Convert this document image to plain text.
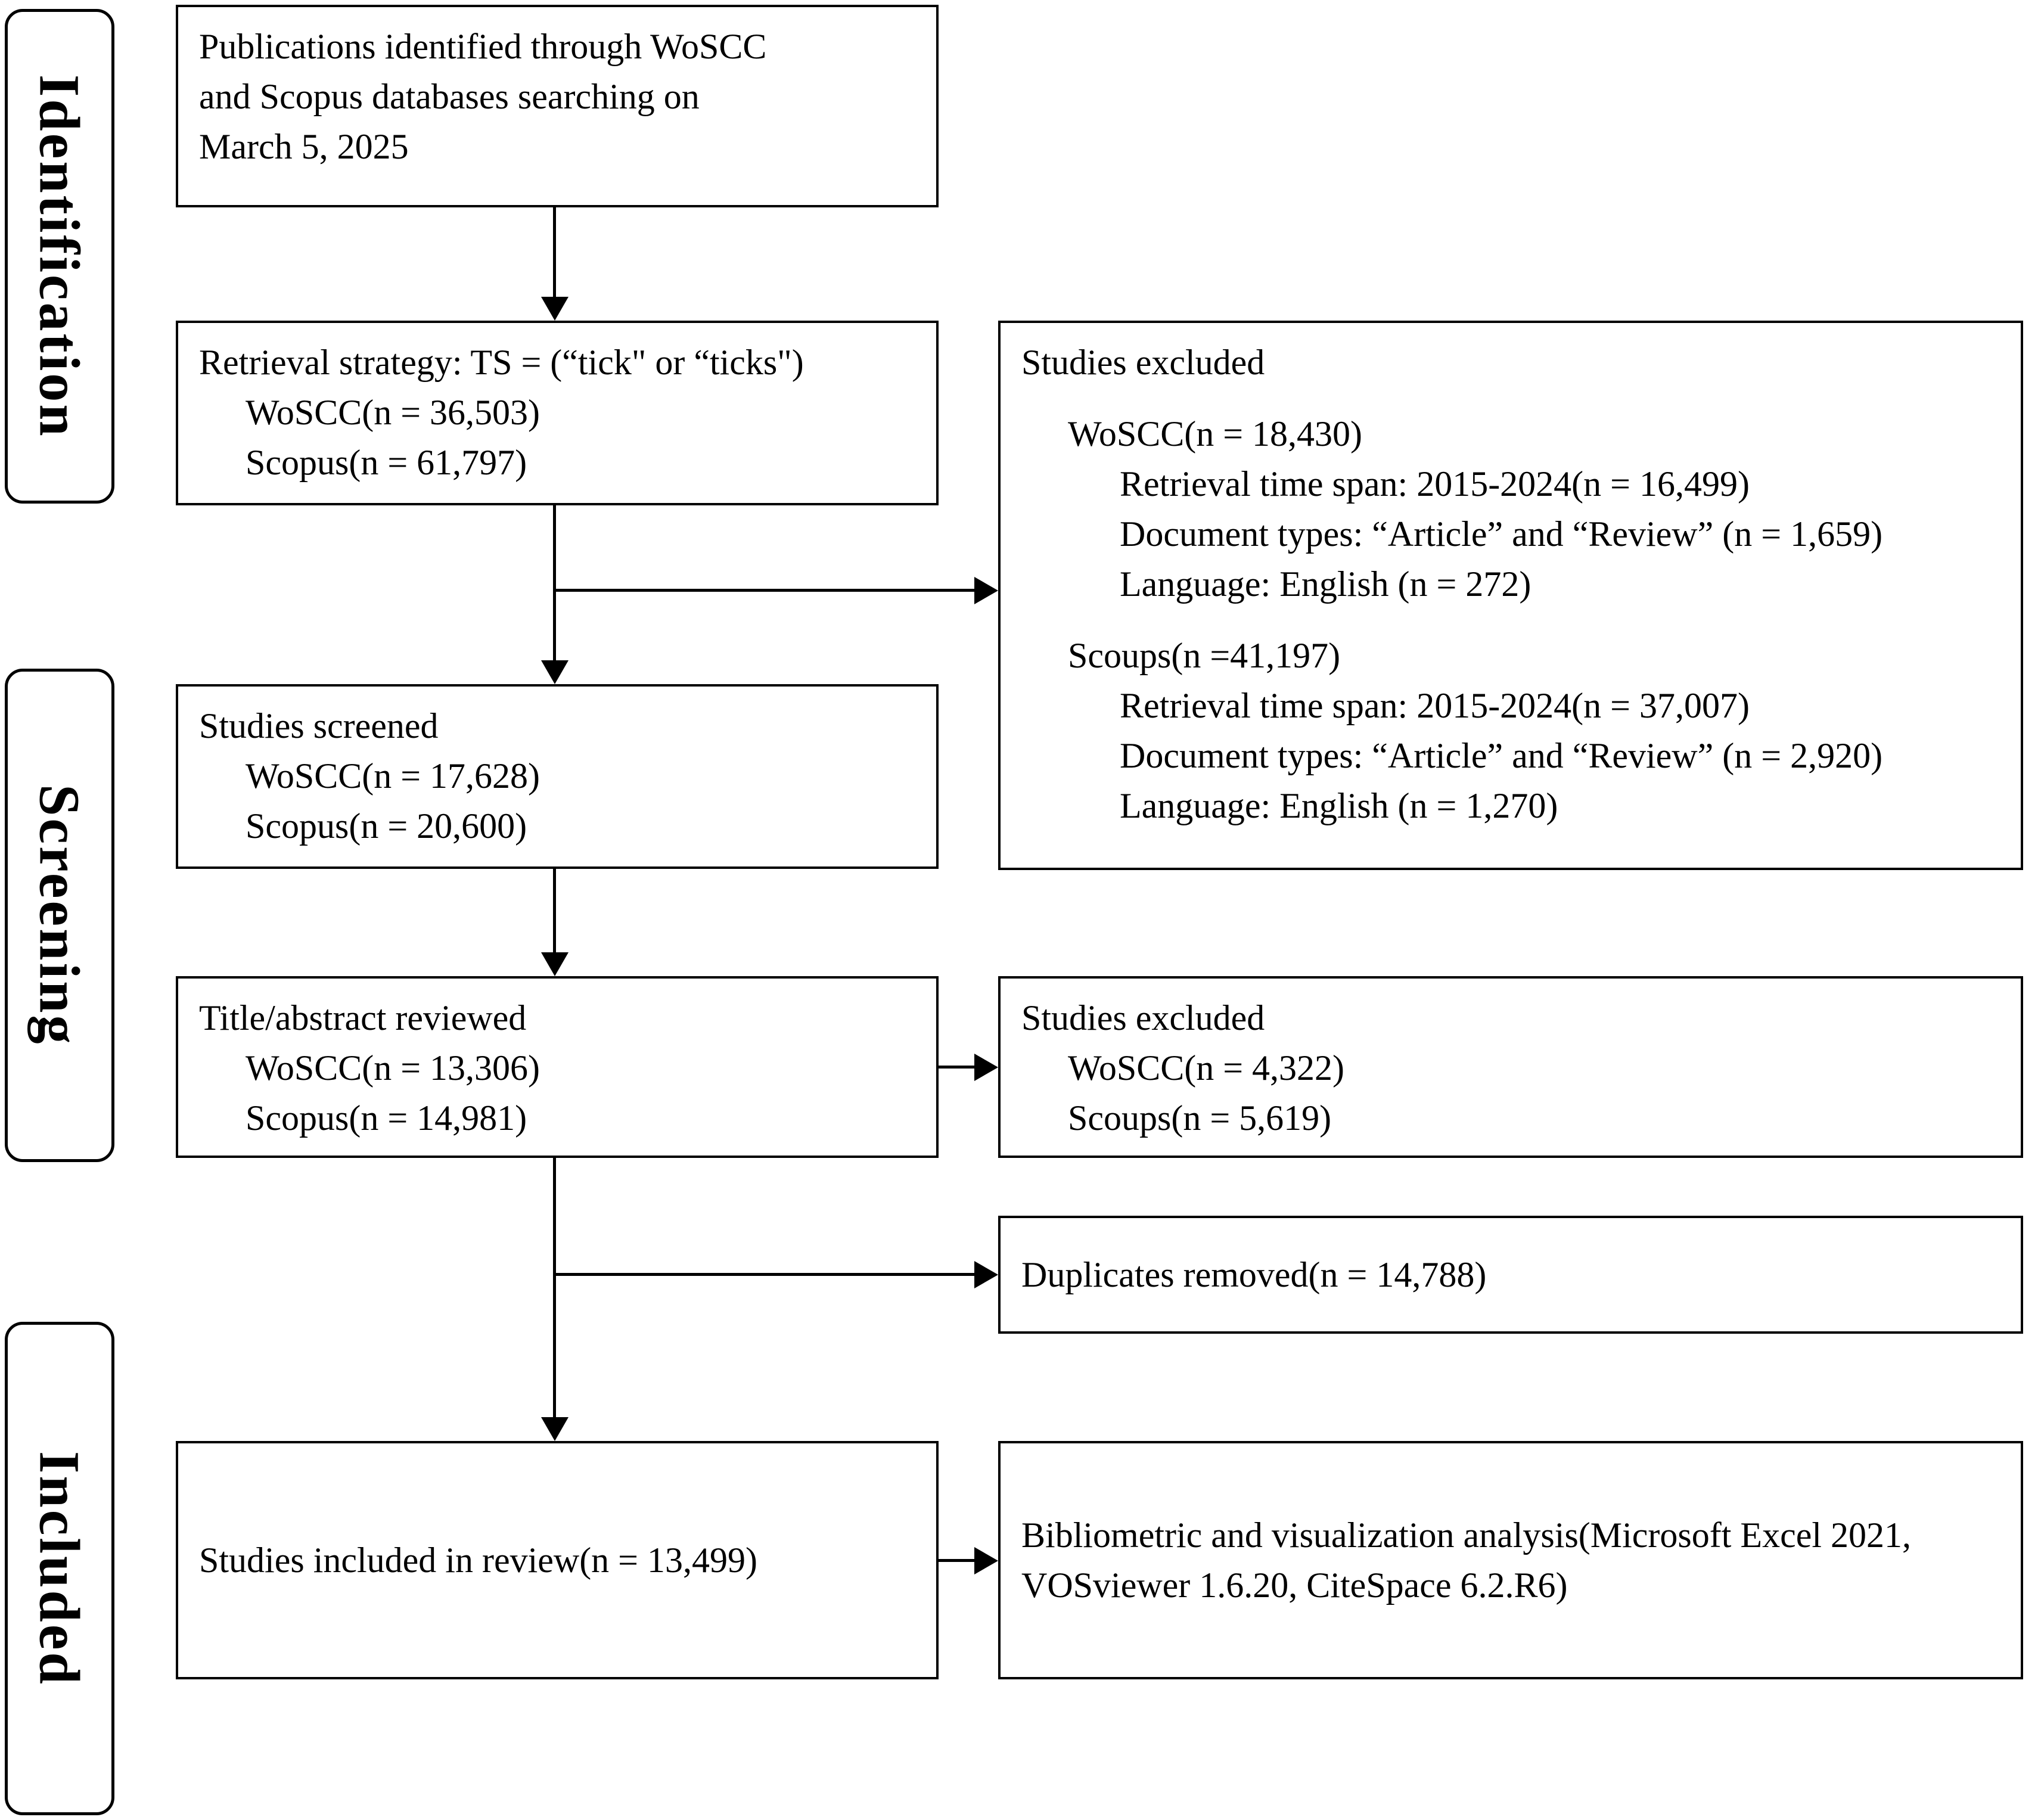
Identification
Screening
Included
Publications identified through WoSCC
and Scopus databases searching on
March 5, 2025
Retrieval strategy: TS = (“tick" or “ticks")
WoSCC(n = 36,503)
Scopus(n = 61,797)
Studies screened
WoSCC(n = 17,628)
Scopus(n = 20,600)
Title/abstract reviewed
WoSCC(n = 13,306)
Scopus(n = 14,981)
Studies included in review(n = 13,499)
Studies excluded
WoSCC(n = 18,430)
Retrieval time span: 2015-2024(n = 16,499)
Document types: “Article” and “Review” (n = 1,659)
Language: English (n = 272)
Scoups(n =41,197)
Retrieval time span: 2015-2024(n = 37,007)
Document types: “Article” and “Review” (n = 2,920)
Language: English (n = 1,270)
Studies excluded
WoSCC(n = 4,322)
Scoups(n = 5,619)
Duplicates removed(n = 14,788)
Bibliometric and visualization analysis(Microsoft Excel 2021, VOSviewer 1.6.20, CiteSpace 6.2.R6)
